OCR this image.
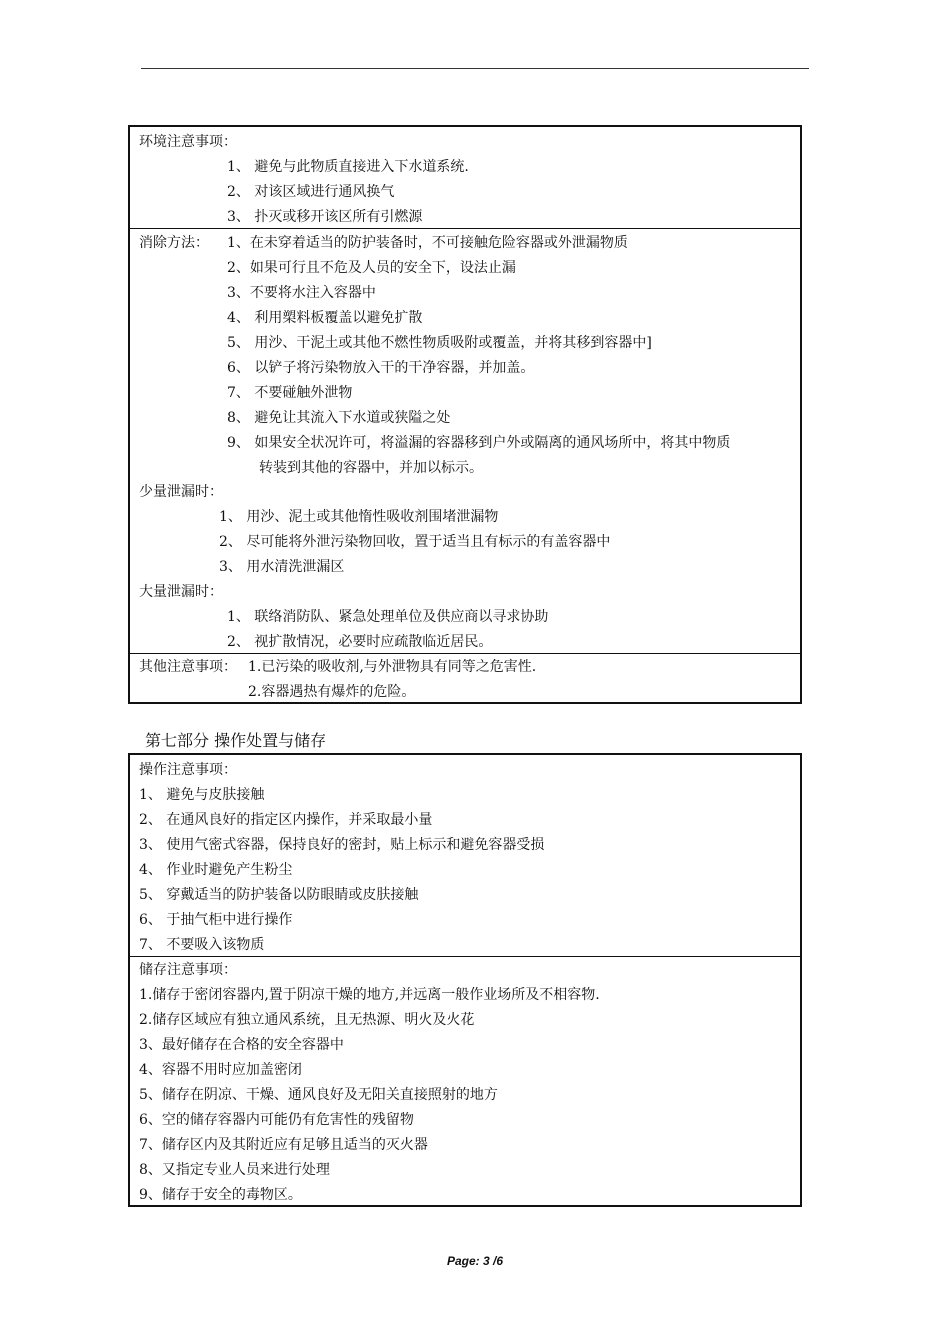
环境注意事项：
1、 避免与此物质直接进入下水道系统.
2、 对该区域进行通风换气
3、 扑灭或移开该区所有引燃源
消除方法： 1、在未穿着适当的防护装备时，不可接触危险容器或外泄漏物质
2、如果可行且不危及人员的安全下，设法止漏
3、不要将水注入容器中
4、 利用槊料板覆盖以避免扩散
5、 用沙、干泥土或其他不燃性物质吸附或覆盖，并将其移到容器中]
6、 以铲子将污染物放入干的干净容器，并加盖。
7、 不要碰触外泄物
8、 避免让其流入下水道或狭隘之处
9、 如果安全状况许可，将溢漏的容器移到户外或隔离的通风场所中，将其中物质
转装到其他的容器中，并加以标示。
少量泄漏时：
1、 用沙、泥土或其他惰性吸收剂围堵泄漏物
2、 尽可能将外泄污染物回收，置于适当且有标示的有盖容器中
3、 用水清洗泄漏区
大量泄漏时：
1、 联络消防队、紧急处理单位及供应商以寻求协助
2、 视扩散情况，必要时应疏散临近居民。
其他注意事项： 1.已污染的吸收剂,与外泄物具有同等之危害性.
2.容器遇热有爆炸的危险。
第七部分 操作处置与储存
操作注意事项：
1、 避免与皮肤接触
2、 在通风良好的指定区内操作，并采取最小量
3、 使用气密式容器，保持良好的密封，贴上标示和避免容器受损
4、 作业时避免产生粉尘
5、 穿戴适当的防护装备以防眼睛或皮肤接触
6、 于抽气柜中进行操作
7、 不要吸入该物质
储存注意事项：
1.储存于密闭容器内,置于阴凉干燥的地方,并远离一般作业场所及不相容物.
2.储存区域应有独立通风系统，且无热源、明火及火花
3、最好储存在合格的安全容器中
4、容器不用时应加盖密闭
5、储存在阴凉、干燥、通风良好及无阳关直接照射的地方
6、空的储存容器内可能仍有危害性的残留物
7、储存区内及其附近应有足够且适当的灭火器
8、又指定专业人员来进行处理
9、储存于安全的毒物区。
Page: 3 /6
